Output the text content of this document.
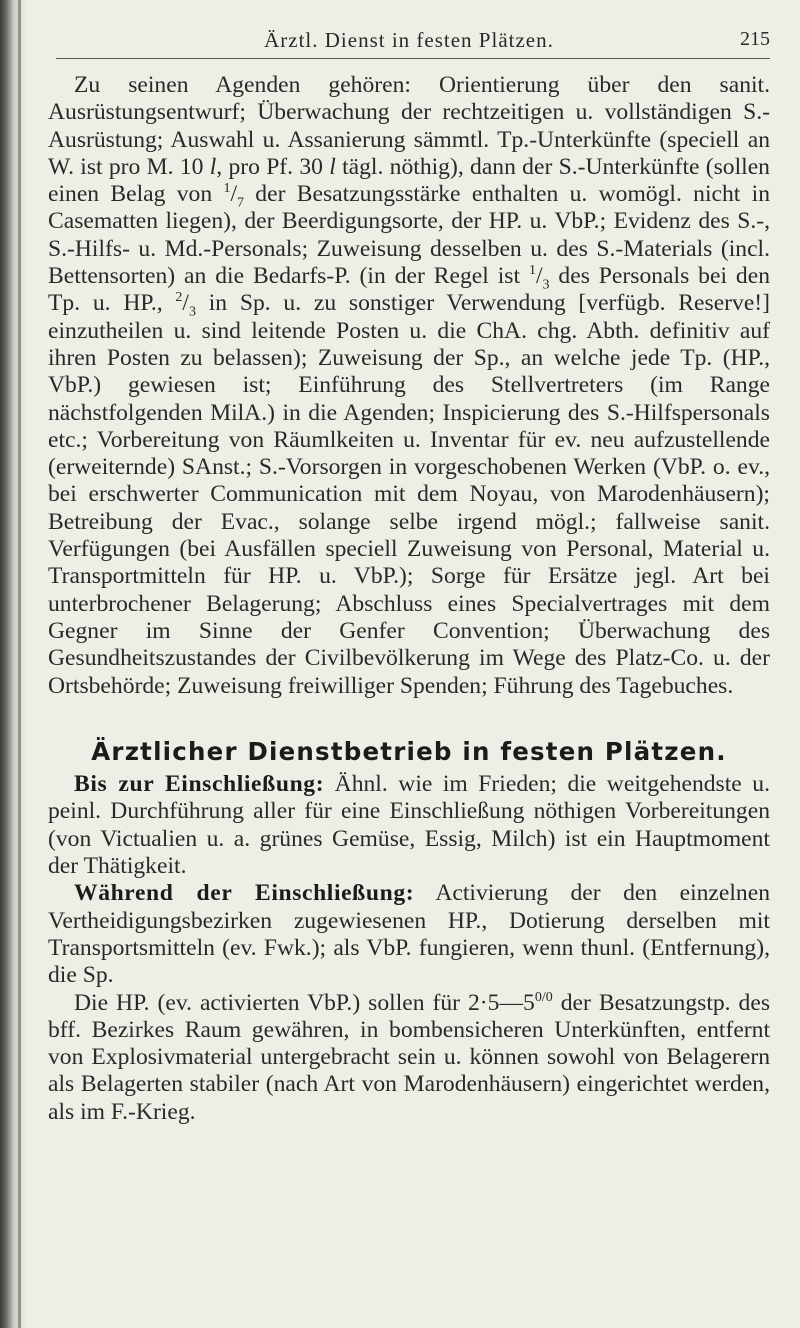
Ärztl. Dienst in festen Plätzen.	215

Zu seinen Agenden gehören: Orientierung über den sanit. Ausrüstungsentwurf; Überwachung der rechtzeitigen u. vollständigen S.-Ausrüstung; Auswahl u. Assanierung sämmtl. Tp.-Unterkünfte (speciell an W. ist pro M. 10 l, pro Pf. 30 l tägl. nöthig), dann der S.-Unterkünfte (sollen einen Belag von $^1/_7$ der Besatzungsstärke enthalten u. womögl. nicht in Casematten liegen), der Beerdigungsorte, der HP. u. VbP.; Evidenz des S.-, S.-Hilfs- u. Md.-Personals; Zuweisung desselben u. des S.-Materials (incl. Bettensorten) an die Bedarfs-P. (in der Regel ist $^1/_3$ des Personals bei den Tp. u. HP., $^2/_3$ in Sp. u. zu sonstiger Verwendung [verfügb. Reserve!] einzutheilen u. sind leitende Posten u. die ChA. chg. Abth. definitiv auf ihren Posten zu belassen); Zuweisung der Sp., an welche jede Tp. (HP., VbP.) gewiesen ist; Einführung des Stellvertreters (im Range nächstfolgenden MilA.) in die Agenden; Inspicierung des S.-Hilfspersonals etc.; Vorbereitung von Räumlkeiten u. Inventar für ev. neu aufzustellende (erweiternde) SAnst.; S.-Vorsorgen in vorgeschobenen Werken (VbP. o. ev., bei erschwerter Communication mit dem Noyau, von Marodenhäusern); Betreibung der Evac., solange selbe irgend mögl.; fallweise sanit. Verfügungen (bei Ausfällen speciell Zuweisung von Personal, Material u. Transportmitteln für HP. u. VbP.); Sorge für Ersätze jegl. Art bei unterbrochener Belagerung; Abschluss eines Specialvertrages mit dem Gegner im Sinne der Genfer Convention; Überwachung des Gesundheitszustandes der Civilbevölkerung im Wege des Platz-Co. u. der Ortsbehörde; Zuweisung freiwilliger Spenden; Führung des Tagebuches.

Ärztlicher Dienstbetrieb in festen Plätzen.

Bis zur Einschließung: Ähnl. wie im Frieden; die weitgehendste u. peinl. Durchführung aller für eine Einschließung nöthigen Vorbereitungen (von Victualien u. a. grünes Gemüse, Essig, Milch) ist ein Hauptmoment der Thätigkeit.

Während der Einschließung: Activierung der den einzelnen Vertheidigungsbezirken zugewiesenen HP., Dotierung derselben mit Transportsmitteln (ev. Fwk.); als VbP. fungieren, wenn thunl. (Entfernung), die Sp.

Die HP. (ev. activierten VbP.) sollen für $2\cdot 5—5^{0/0}$ der Besatzungstp. des bff. Bezirkes Raum gewähren, in bombensicheren Unterkünften, entfernt von Explosivmaterial untergebracht sein u. können sowohl von Belagerern als Belagerten stabiler (nach Art von Marodenhäusern) eingerichtet werden, als im F.-Krieg.
